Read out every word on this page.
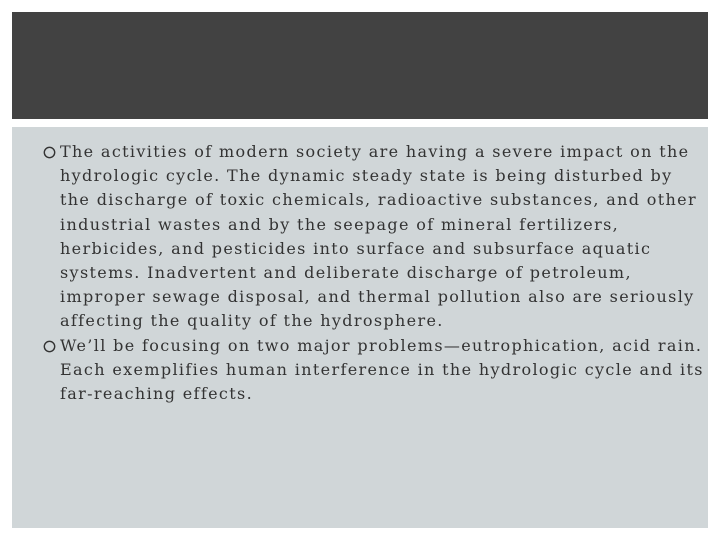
The activities of modern society are having a severe impact on the hydrologic cycle. The dynamic steady state is being disturbed by the discharge of toxic chemicals, radioactive substances, and other industrial wastes and by the seepage of mineral fertilizers, herbicides, and pesticides into surface and subsurface aquatic systems. Inadvertent and deliberate discharge of petroleum, improper sewage disposal, and thermal pollution also are seriously affecting the quality of the hydrosphere.
We’ll be focusing on two major problems—eutrophication, acid rain. Each exemplifies human interference in the hydrologic cycle and its far-reaching effects.
